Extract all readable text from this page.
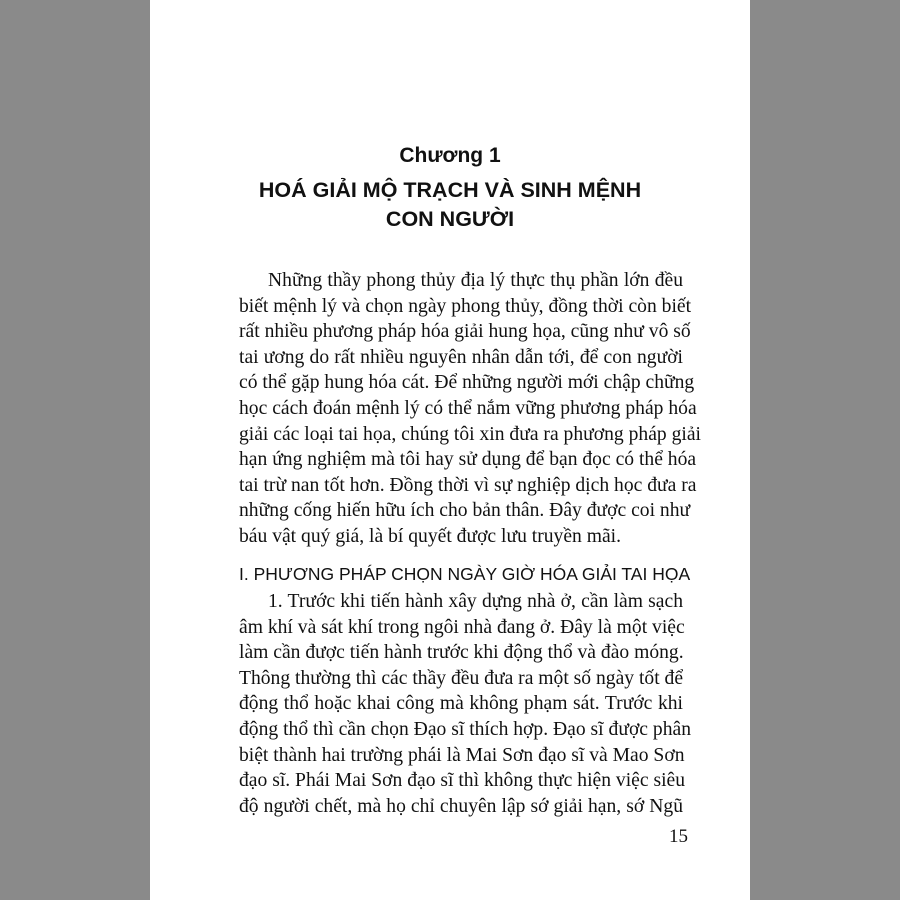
Chương 1
HOÁ GIẢI MỘ TRẠCH VÀ SINH MỆNH
CON NGƯỜI
Những thầy phong thủy địa lý thực thụ phần lớn đều
biết mệnh lý và chọn ngày phong thủy, đồng thời còn biết
rất nhiều phương pháp hóa giải hung họa, cũng như vô số
tai ương do rất nhiều nguyên nhân dẫn tới, để con người
có thể gặp hung hóa cát. Để những người mới chập chững
học cách đoán mệnh lý có thể nắm vững phương pháp hóa
giải các loại tai họa, chúng tôi xin đưa ra phương pháp giải
hạn ứng nghiệm mà tôi hay sử dụng để bạn đọc có thể hóa
tai trừ nan tốt hơn. Đồng thời vì sự nghiệp dịch học đưa ra
những cống hiến hữu ích cho bản thân. Đây được coi như
báu vật quý giá, là bí quyết được lưu truyền mãi.
I. PHƯƠNG PHÁP CHỌN NGÀY GIỜ HÓA GIẢI TAI HỌA
1. Trước khi tiến hành xây dựng nhà ở, cần làm sạch
âm khí và sát khí trong ngôi nhà đang ở. Đây là một việc
làm cần được tiến hành trước khi động thổ và đào móng.
Thông thường thì các thầy đều đưa ra một số ngày tốt để
động thổ hoặc khai công mà không phạm sát. Trước khi
động thổ thì cần chọn Đạo sĩ thích hợp. Đạo sĩ được phân
biệt thành hai trường phái là Mai Sơn đạo sĩ và Mao Sơn
đạo sĩ. Phái Mai Sơn đạo sĩ thì không thực hiện việc siêu
độ người chết, mà họ chỉ chuyên lập sớ giải hạn, sớ Ngũ
15
